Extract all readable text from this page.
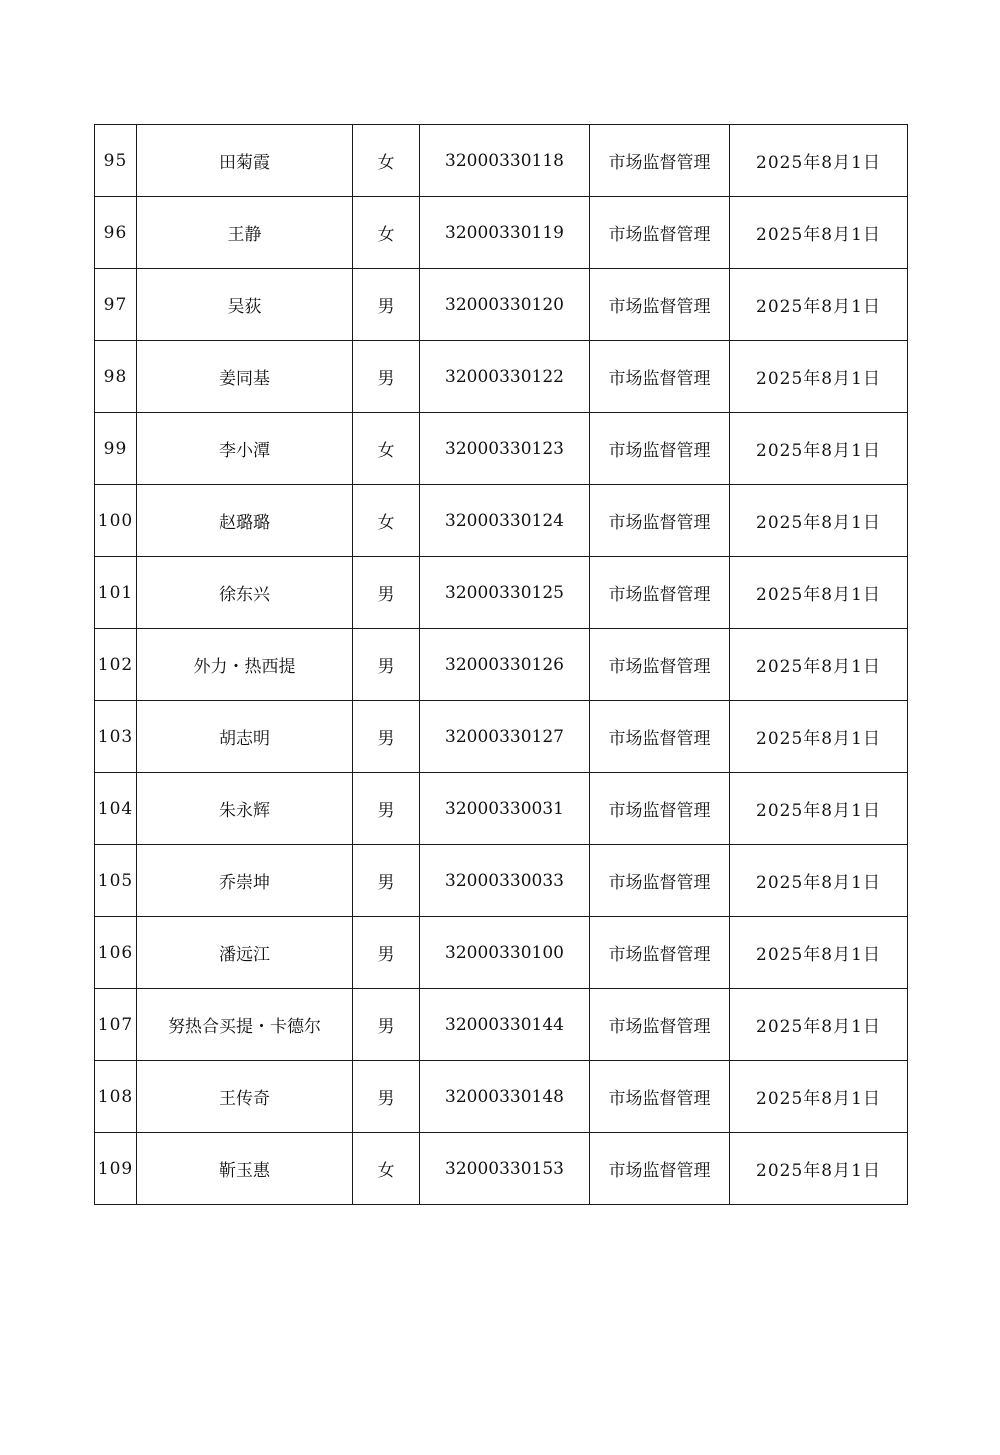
95	田菊霞	女	32000330118	市场监督管理	2025年8月1日
96	王静	女	32000330119	市场监督管理	2025年8月1日
97	吴荻	男	32000330120	市场监督管理	2025年8月1日
98	姜同基	男	32000330122	市场监督管理	2025年8月1日
99	李小潭	女	32000330123	市场监督管理	2025年8月1日
100	赵璐璐	女	32000330124	市场监督管理	2025年8月1日
101	徐东兴	男	32000330125	市场监督管理	2025年8月1日
102	外力・热西提	男	32000330126	市场监督管理	2025年8月1日
103	胡志明	男	32000330127	市场监督管理	2025年8月1日
104	朱永辉	男	32000330031	市场监督管理	2025年8月1日
105	乔崇坤	男	32000330033	市场监督管理	2025年8月1日
106	潘远江	男	32000330100	市场监督管理	2025年8月1日
107	努热合买提・卡德尔	男	32000330144	市场监督管理	2025年8月1日
108	王传奇	男	32000330148	市场监督管理	2025年8月1日
109	靳玉惠	女	32000330153	市场监督管理	2025年8月1日
